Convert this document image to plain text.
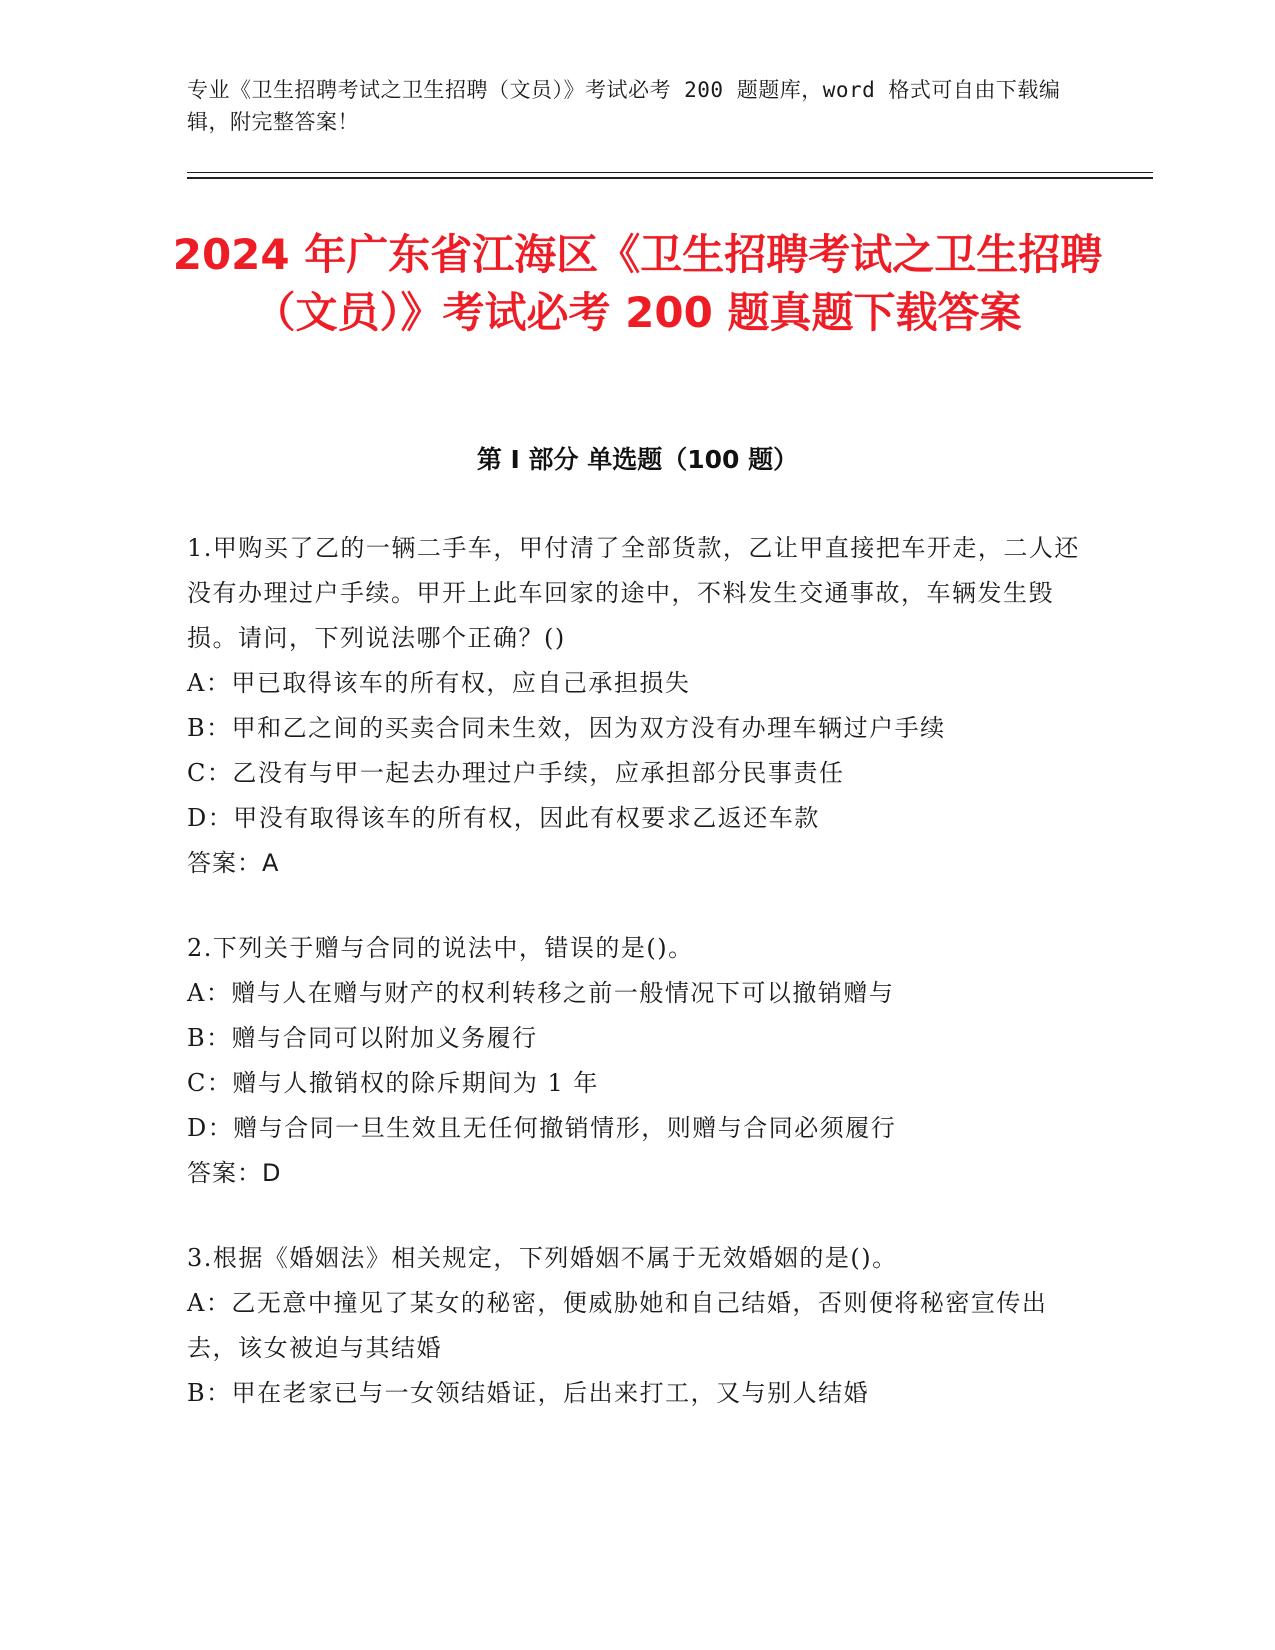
专业《卫生招聘考试之卫生招聘（文员）》考试必考 200 题题库，word 格式可自由下载编辑，附完整答案！
2024 年广东省江海区《卫生招聘考试之卫生招聘（文员）》考试必考 200 题真题下载答案
第 I 部分 单选题（100 题）

1.甲购买了乙的一辆二手车，甲付清了全部货款，乙让甲直接把车开走，二人还没有办理过户手续。甲开上此车回家的途中，不料发生交通事故，车辆发生毁损。请问，下列说法哪个正确？()

A：甲已取得该车的所有权，应自己承担损失

B：甲和乙之间的买卖合同未生效，因为双方没有办理车辆过户手续

C：乙没有与甲一起去办理过户手续，应承担部分民事责任

D：甲没有取得该车的所有权，因此有权要求乙返还车款

答案：A

2.下列关于赠与合同的说法中，错误的是()。

A：赠与人在赠与财产的权利转移之前一般情况下可以撤销赠与

B：赠与合同可以附加义务履行

C：赠与人撤销权的除斥期间为 1 年

D：赠与合同一旦生效且无任何撤销情形，则赠与合同必须履行

答案：D

3.根据《婚姻法》相关规定，下列婚姻不属于无效婚姻的是()。

A：乙无意中撞见了某女的秘密，便威胁她和自己结婚，否则便将秘密宣传出去，该女被迫与其结婚

B：甲在老家已与一女领结婚证，后出来打工，又与别人结婚
